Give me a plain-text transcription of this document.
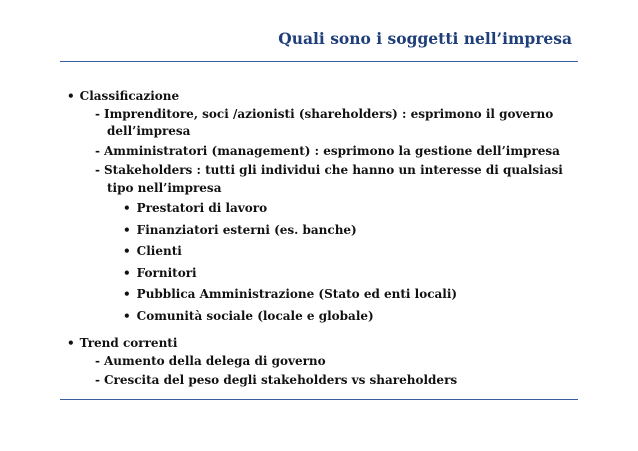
Quali sono i soggetti nell’impresa

• Classificazione

- Imprenditore, soci /azionisti (shareholders) : esprimono il governo dell’impresa

- Amministratori (management) : esprimono la gestione dell’impresa

- Stakeholders : tutti gli individui che hanno un interesse di qualsiasi tipo nell’impresa

• Prestatori di lavoro
• Finanziatori esterni (es. banche)
• Clienti
• Fornitori
• Pubblica Amministrazione (Stato ed enti locali)
• Comunità sociale (locale e globale)

• Trend correnti

- Aumento della delega di governo

- Crescita del peso degli stakeholders vs shareholders
